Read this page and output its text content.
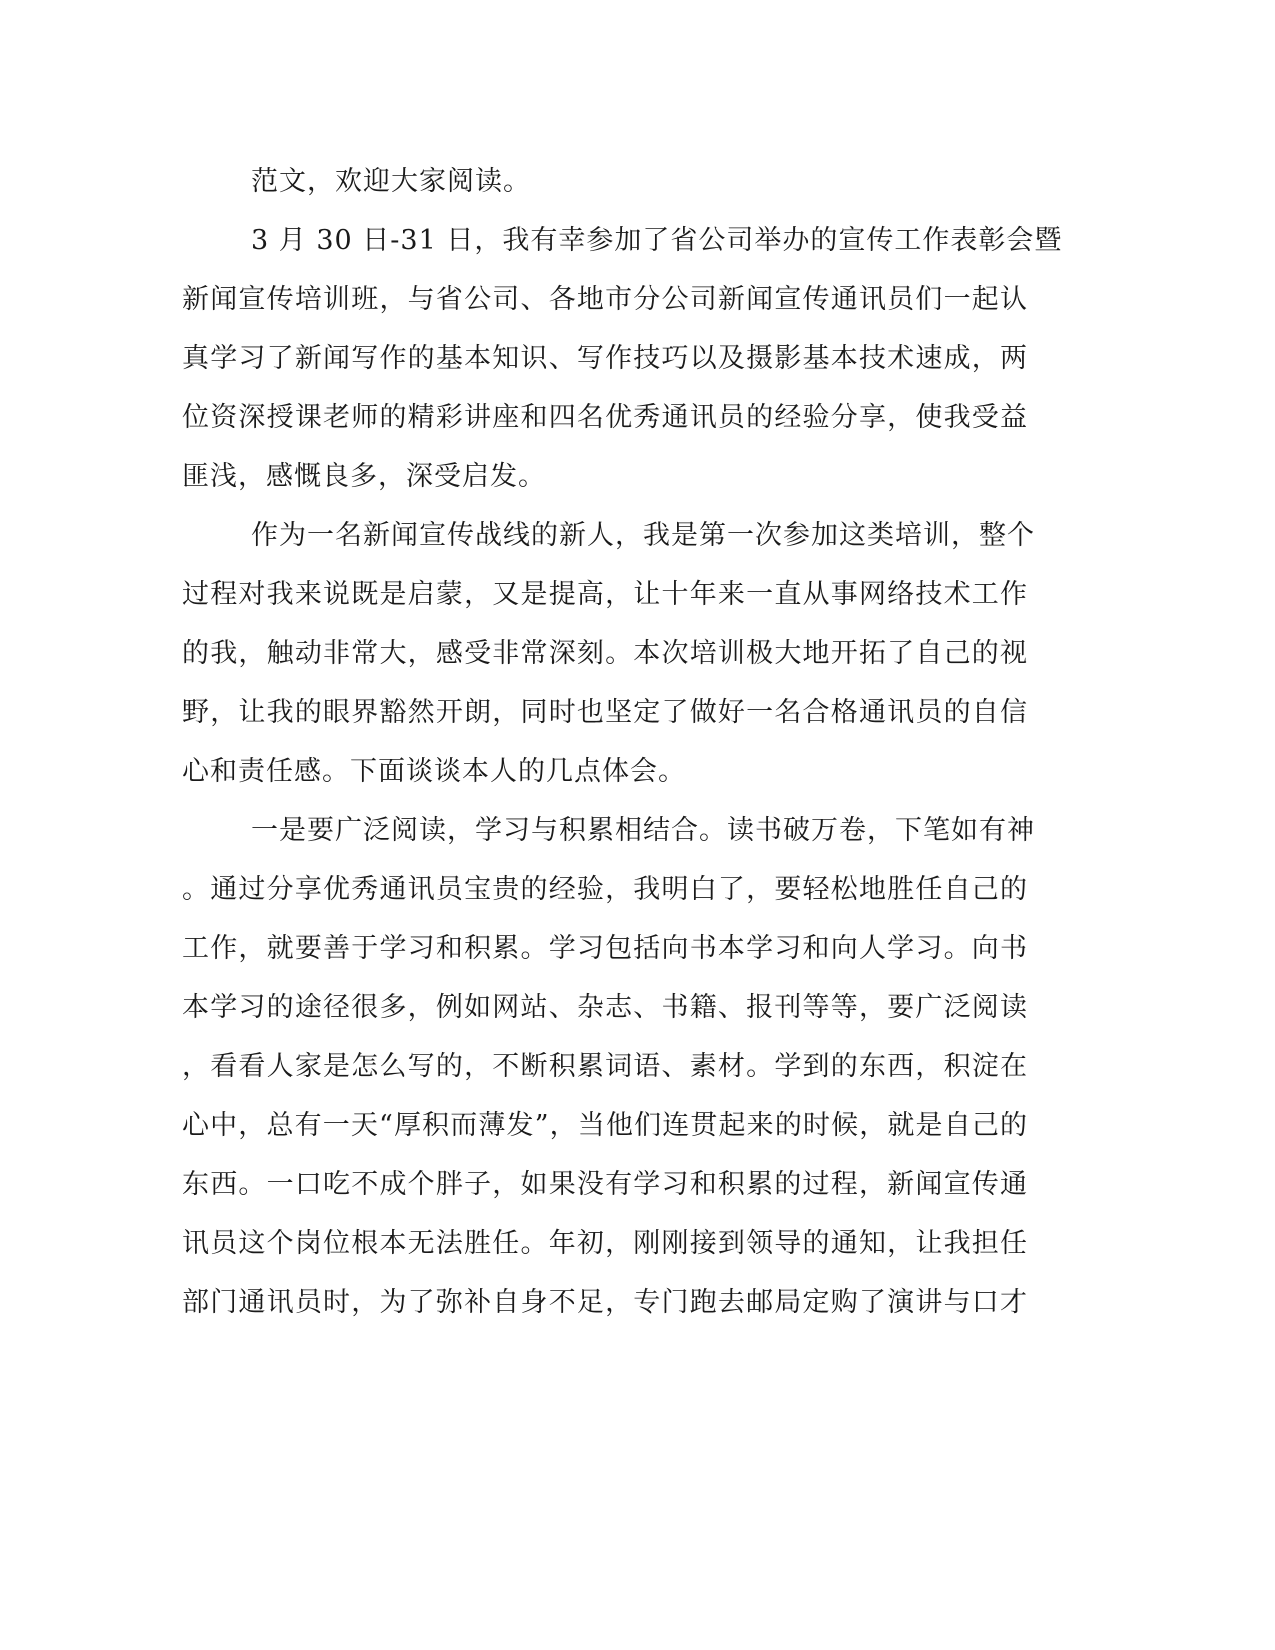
范文，欢迎大家阅读。
3 月 30 日-31 日，我有幸参加了省公司举办的宣传工作表彰会暨
新闻宣传培训班，与省公司、各地市分公司新闻宣传通讯员们一起认
真学习了新闻写作的基本知识、写作技巧以及摄影基本技术速成，两
位资深授课老师的精彩讲座和四名优秀通讯员的经验分享，使我受益
匪浅，感慨良多，深受启发。
作为一名新闻宣传战线的新人，我是第一次参加这类培训，整个
过程对我来说既是启蒙，又是提高，让十年来一直从事网络技术工作
的我，触动非常大，感受非常深刻。本次培训极大地开拓了自己的视
野，让我的眼界豁然开朗，同时也坚定了做好一名合格通讯员的自信
心和责任感。下面谈谈本人的几点体会。
一是要广泛阅读，学习与积累相结合。读书破万卷，下笔如有神
。通过分享优秀通讯员宝贵的经验，我明白了，要轻松地胜任自己的
工作，就要善于学习和积累。学习包括向书本学习和向人学习。向书
本学习的途径很多，例如网站、杂志、书籍、报刊等等，要广泛阅读
，看看人家是怎么写的，不断积累词语、素材。学到的东西，积淀在
心中，总有一天“厚积而薄发”，当他们连贯起来的时候，就是自己的
东西。一口吃不成个胖子，如果没有学习和积累的过程，新闻宣传通
讯员这个岗位根本无法胜任。年初，刚刚接到领导的通知，让我担任
部门通讯员时，为了弥补自身不足，专门跑去邮局定购了演讲与口才
